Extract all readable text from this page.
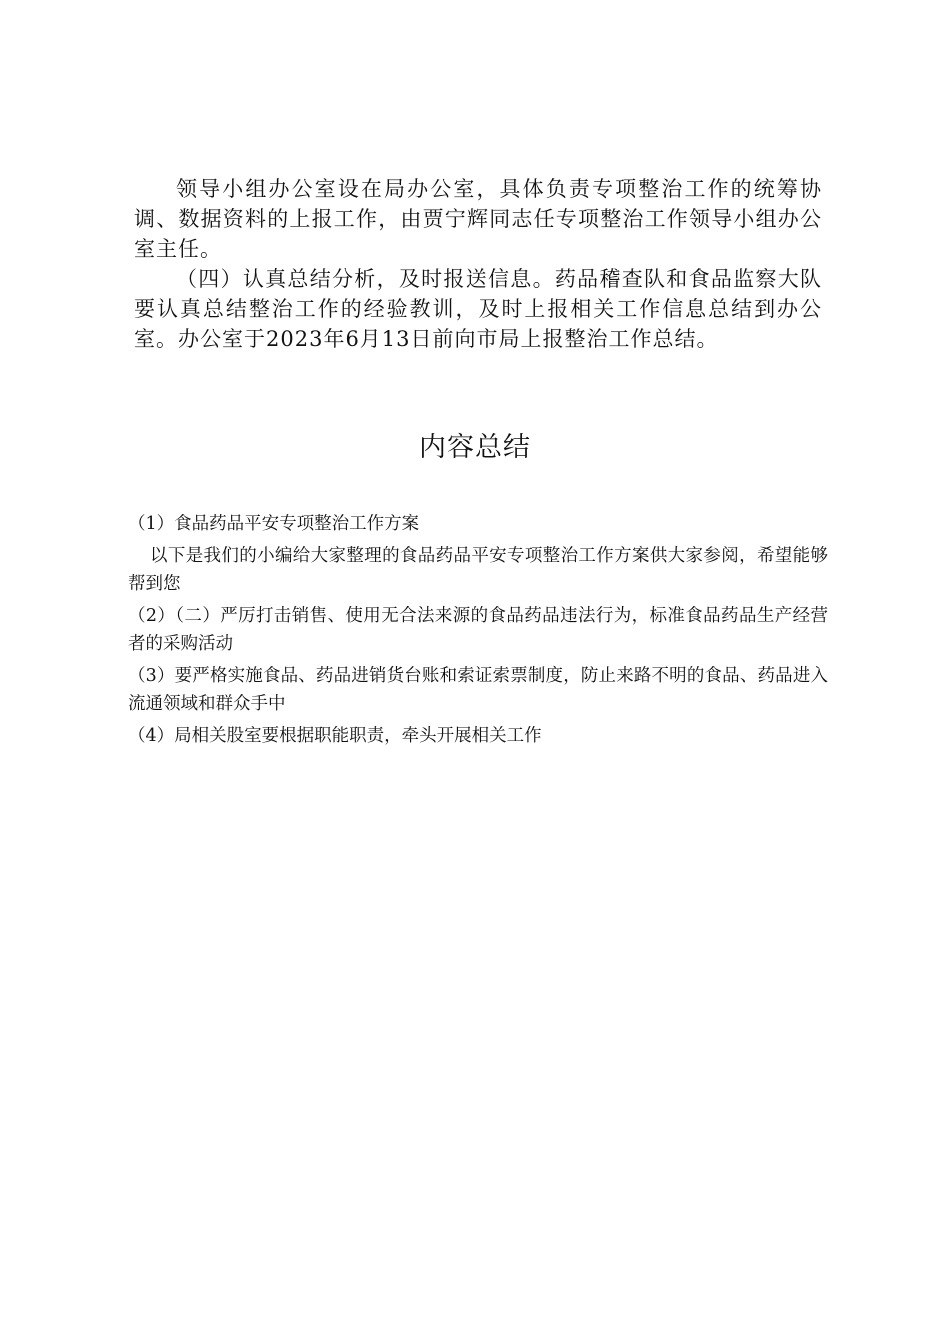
领导小组办公室设在局办公室，具体负责专项整治工作的统筹协调、数据资料的上报工作，由贾宁辉同志任专项整治工作领导小组办公室主任。

（四）认真总结分析，及时报送信息。药品稽查队和食品监察大队要认真总结整治工作的经验教训，及时上报相关工作信息总结到办公室。办公室于2023年6月13日前向市局上报整治工作总结。

内容总结

（1）食品药品平安专项整治工作方案

以下是我们的小编给大家整理的食品药品平安专项整治工作方案供大家参阅，希望能够帮到您

（2）（二）严厉打击销售、使用无合法来源的食品药品违法行为，标准食品药品生产经营者的采购活动

（3）要严格实施食品、药品进销货台账和索证索票制度，防止来路不明的食品、药品进入流通领域和群众手中

（4）局相关股室要根据职能职责，牵头开展相关工作
